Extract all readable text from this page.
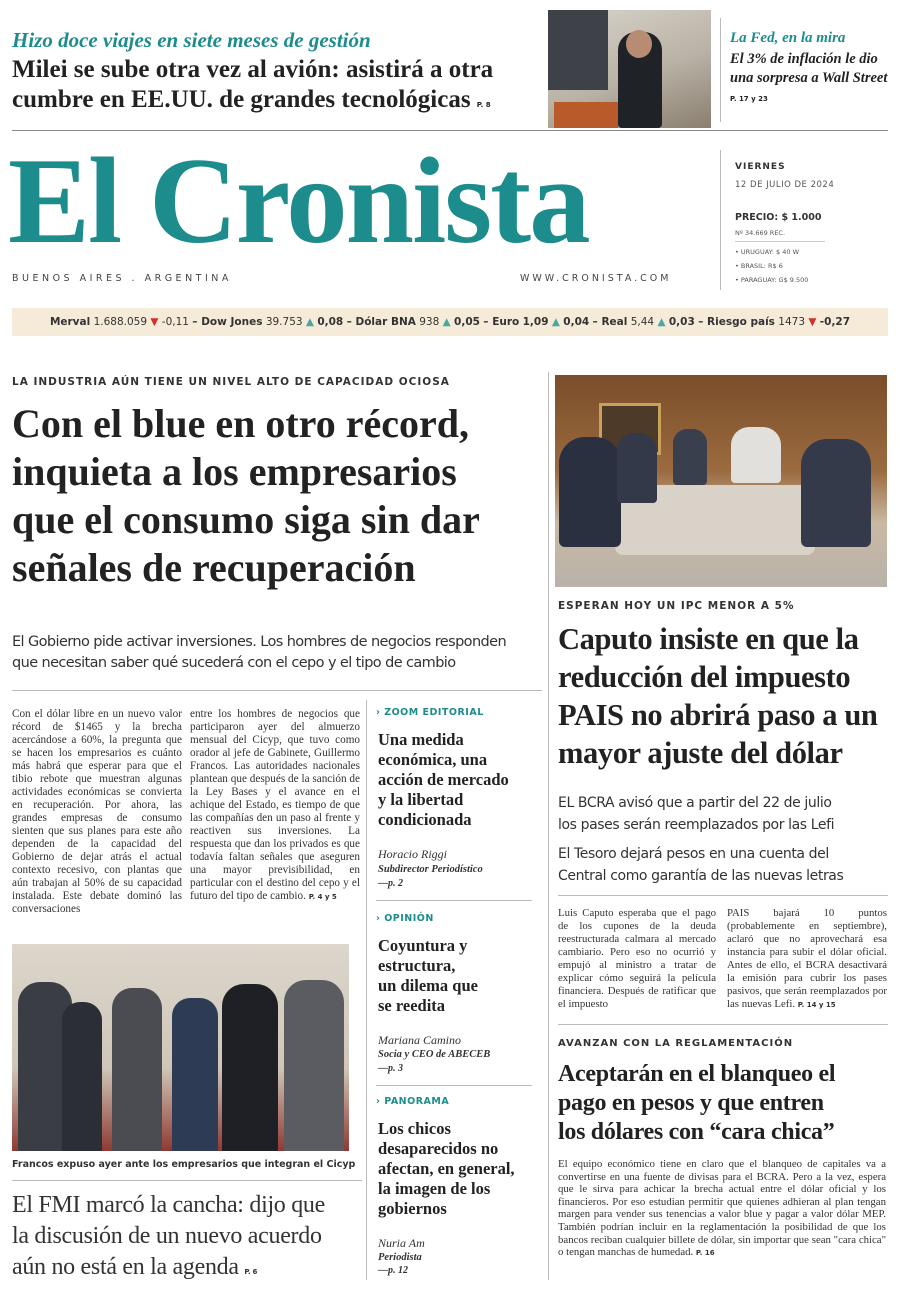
Hizo doce viajes en siete meses de gestión
Milei se sube otra vez al avión: asistirá a otra
cumbre en EE.UU. de grandes tecnológicas P. 8
La Fed, en la mira
El 3% de inflación le dio una sorpresa a Wall Street P. 17 y 23
El Cronista
BUENOS AIRES . ARGENTINA	WWW.CRONISTA.COM
VIERNES
12 DE JULIO DE 2024
PRECIO: $ 1.000
Nº 34.669 REC.
• URUGUAY: $ 40 W
• BRASIL: R$ 6
• PARAGUAY: G$ 9.500
Merval 1.688.059 ▼ -0,11 – Dow Jones 39.753 ▲ 0,08 – Dólar BNA 938 ▲ 0,05 – Euro 1,09 ▲ 0,04 – Real 5,44 ▲ 0,03 – Riesgo país 1473 ▼ -0,27
LA INDUSTRIA AÚN TIENE UN NIVEL ALTO DE CAPACIDAD OCIOSA
Con el blue en otro récord,
inquieta a los empresarios
que el consumo siga sin dar
señales de recuperación
El Gobierno pide activar inversiones. Los hombres de negocios responden
que necesitan saber qué sucederá con el cepo y el tipo de cambio
Con el dólar libre en un nuevo valor récord de $1465 y la brecha acercándose a 60%, la pregunta que se hacen los empresarios es cuánto más habrá que esperar para que el tibio rebote que muestran algunas actividades económicas se convierta en recuperación. Por ahora, las grandes empresas de consumo sienten que sus planes para este año dependen de la capacidad del Gobierno de dejar atrás el actual contexto recesivo, con plantas que aún trabajan al 50% de su capacidad instalada. Este debate dominó las conversaciones
entre los hombres de negocios que participaron ayer del almuerzo mensual del Cicyp, que tuvo como orador al jefe de Gabinete, Guillermo Francos. Las autoridades nacionales plantean que después de la sanción de la Ley Bases y el avance en el achique del Estado, es tiempo de que las compañías den un paso al frente y reactiven sus inversiones. La respuesta que dan los privados es que todavía faltan señales que aseguren una mayor previsibilidad, en particular con el destino del cepo y el futuro del tipo de cambio. P. 4 y 5
Francos expuso ayer ante los empresarios que integran el Cicyp
El FMI marcó la cancha: dijo que
la discusión de un nuevo acuerdo
aún no está en la agenda P. 6
› ZOOM EDITORIAL
Una medida
económica, una
acción de mercado
y la libertad
condicionada
Horacio Riggi
Subdirector Periodístico
—p. 2
› OPINIÓN
Coyuntura y
estructura,
un dilema que
se reedita
Mariana Camino
Socia y CEO de ABECEB
—p. 3
› PANORAMA
Los chicos
desaparecidos no
afectan, en general,
la imagen de los
gobiernos
Nuria Am
Periodista
—p. 12
ESPERAN HOY UN IPC MENOR A 5%
Caputo insiste en que la
reducción del impuesto
PAIS no abrirá paso a un
mayor ajuste del dólar
EL BCRA avisó que a partir del 22 de julio
los pases serán reemplazados por las Lefi
El Tesoro dejará pesos en una cuenta del
Central como garantía de las nuevas letras
Luis Caputo esperaba que el pago de los cupones de la deuda reestructurada calmara al mercado cambiario. Pero eso no ocurrió y empujó al ministro a tratar de explicar cómo seguirá la película financiera. Después de ratificar que el impuesto
PAIS bajará 10 puntos (probablemente en septiembre), aclaró que no aprovechará esa instancia para subir el dólar oficial. Antes de ello, el BCRA desactivará la emisión para cubrir los pases pasivos, que serán reemplazados por las nuevas Lefi. P. 14 y 15
AVANZAN CON LA REGLAMENTACIÓN
Aceptarán en el blanqueo el
pago en pesos y que entren
los dólares con “cara chica”
El equipo económico tiene en claro que el blanqueo de capitales va a convertirse en una fuente de divisas para el BCRA. Pero a la vez, espera que le sirva para achicar la brecha actual entre el dólar oficial y los financieros. Por eso estudian permitir que quienes adhieran al plan tengan margen para vender sus tenencias a valor blue y pagar a valor dólar MEP. También podrían incluir en la reglamentación la posibilidad de que los bancos reciban cualquier billete de dólar, sin importar que sean "cara chica" o tengan manchas de humedad. P. 16
